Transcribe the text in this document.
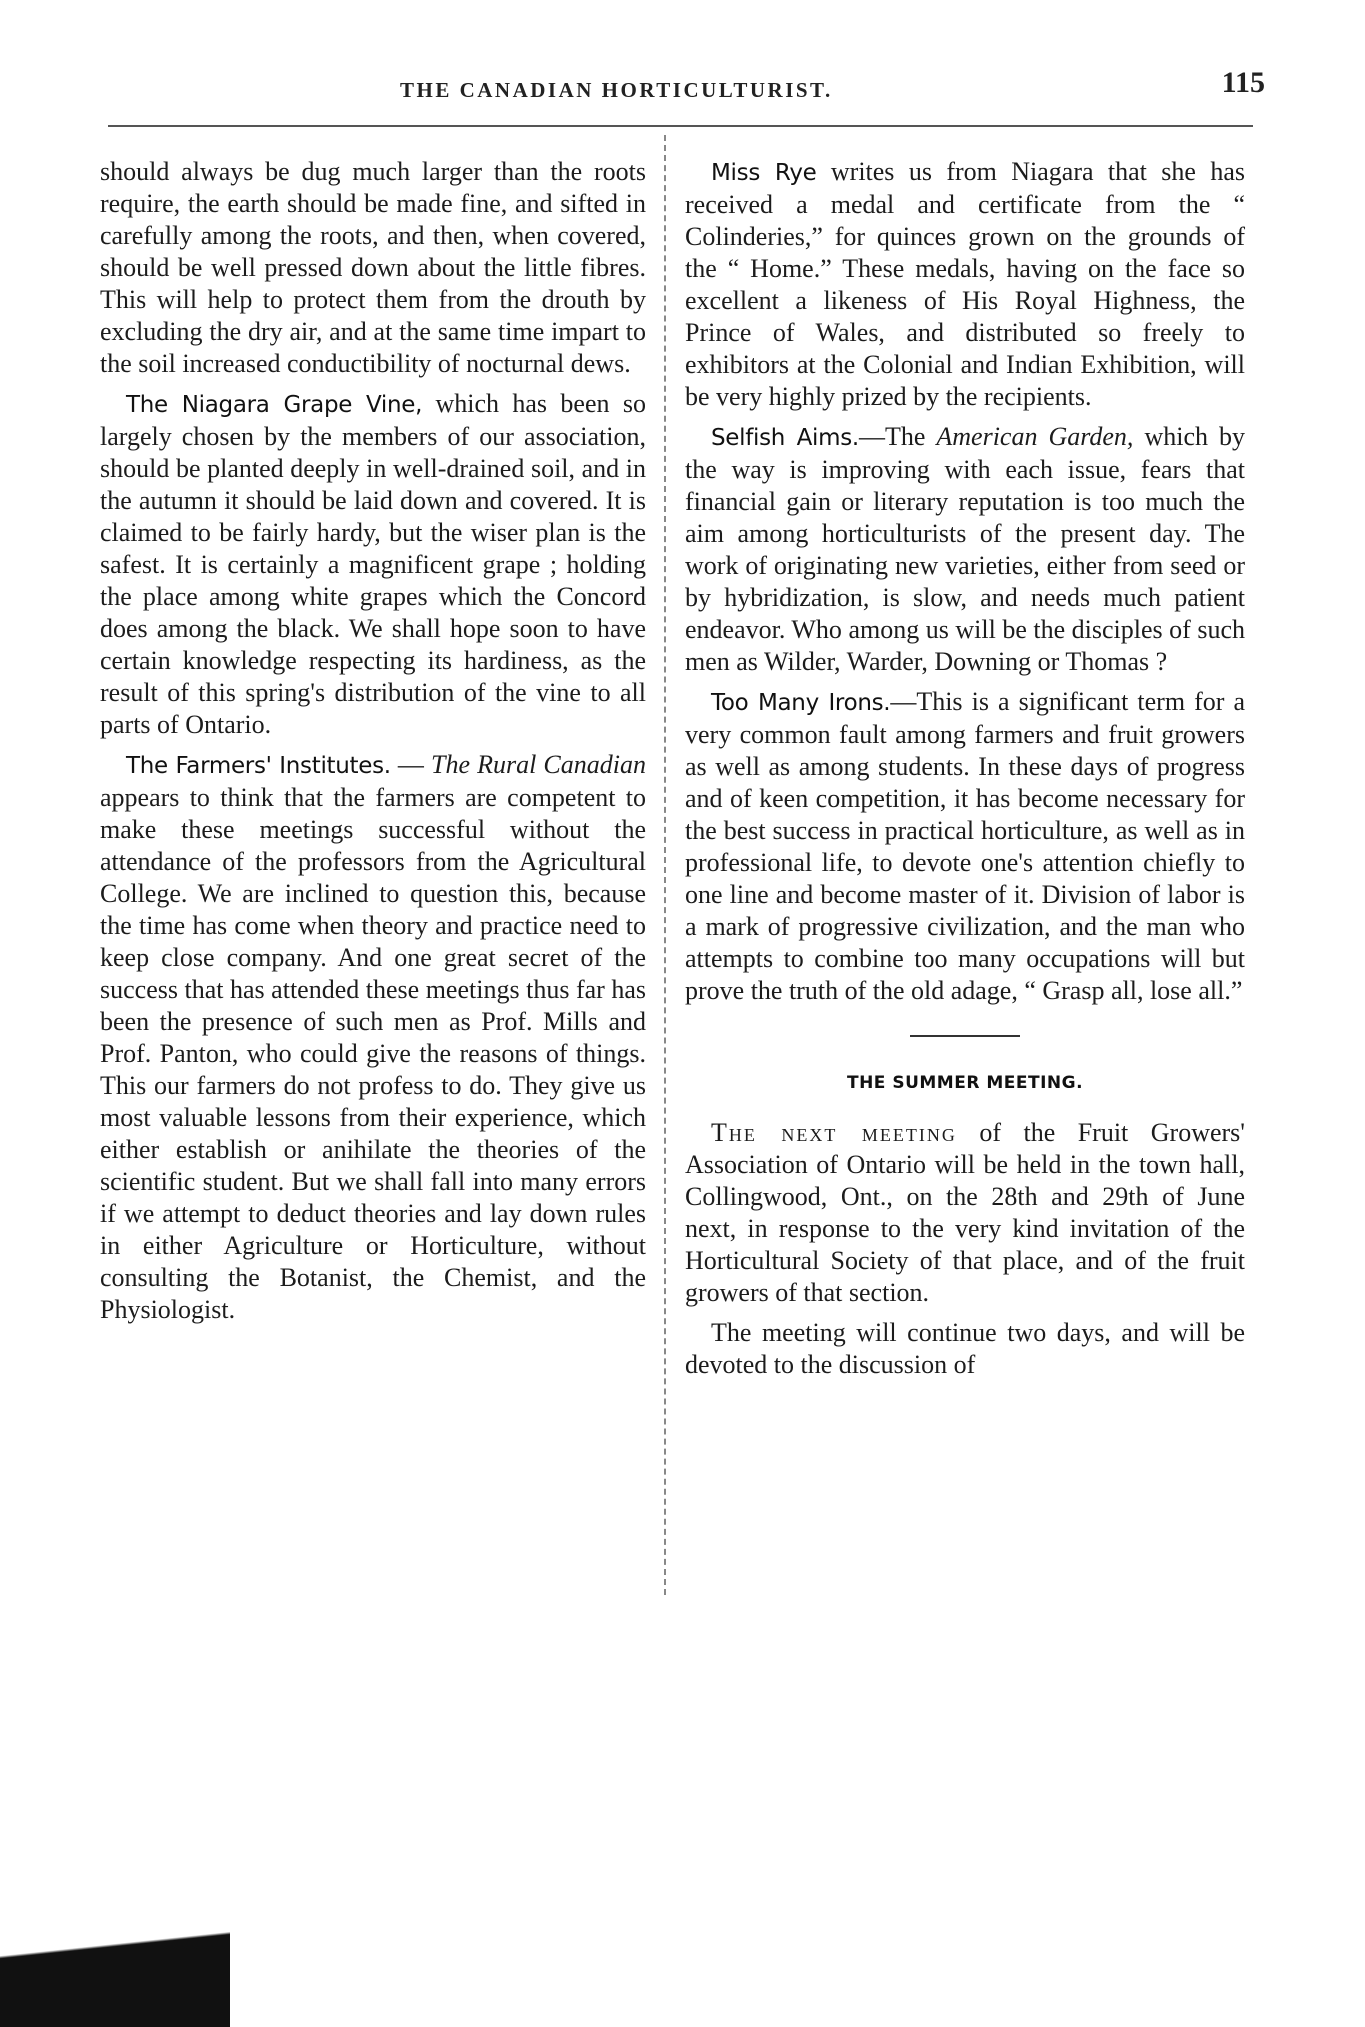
THE CANADIAN HORTICULTURIST.	115

should always be dug much larger than the roots require, the earth should be made fine, and sifted in carefully among the roots, and then, when covered, should be well pressed down about the little fibres. This will help to protect them from the drouth by excluding the dry air, and at the same time impart to the soil increased conductibility of nocturnal dews.

The Niagara Grape Vine, which has been so largely chosen by the members of our association, should be planted deeply in well-drained soil, and in the autumn it should be laid down and covered. It is claimed to be fairly hardy, but the wiser plan is the safest. It is certainly a magnificent grape ; holding the place among white grapes which the Concord does among the black. We shall hope soon to have certain knowledge respecting its hardiness, as the result of this spring's distribution of the vine to all parts of Ontario.

The Farmers' Institutes. — The Rural Canadian appears to think that the farmers are competent to make these meetings successful without the attendance of the professors from the Agricultural College. We are inclined to question this, because the time has come when theory and practice need to keep close company. And one great secret of the success that has attended these meetings thus far has been the presence of such men as Prof. Mills and Prof. Panton, who could give the reasons of things. This our farmers do not profess to do. They give us most valuable lessons from their experience, which either establish or anihilate the theories of the scientific student. But we shall fall into many errors if we attempt to deduct theories and lay down rules in either Agriculture or Horticulture, without consulting the Botanist, the Chemist, and the Physiologist.

Miss Rye writes us from Niagara that she has received a medal and certificate from the “ Colinderies,” for quinces grown on the grounds of the “ Home.” These medals, having on the face so excellent a likeness of His Royal Highness, the Prince of Wales, and distributed so freely to exhibitors at the Colonial and Indian Exhibition, will be very highly prized by the recipients.

Selfish Aims.—The American Garden, which by the way is improving with each issue, fears that financial gain or literary reputation is too much the aim among horticulturists of the present day. The work of originating new varieties, either from seed or by hybridization, is slow, and needs much patient endeavor. Who among us will be the disciples of such men as Wilder, Warder, Downing or Thomas ?

Too Many Irons.—This is a significant term for a very common fault among farmers and fruit growers as well as among students. In these days of progress and of keen competition, it has become necessary for the best success in practical horticulture, as well as in professional life, to devote one's attention chiefly to one line and become master of it. Division of labor is a mark of progressive civilization, and the man who attempts to combine too many occupations will but prove the truth of the old adage, “ Grasp all, lose all.”

THE SUMMER MEETING.

The next meeting of the Fruit Growers' Association of Ontario will be held in the town hall, Collingwood, Ont., on the 28th and 29th of June next, in response to the very kind invitation of the Horticultural Society of that place, and of the fruit growers of that section.

The meeting will continue two days, and will be devoted to the discussion of
